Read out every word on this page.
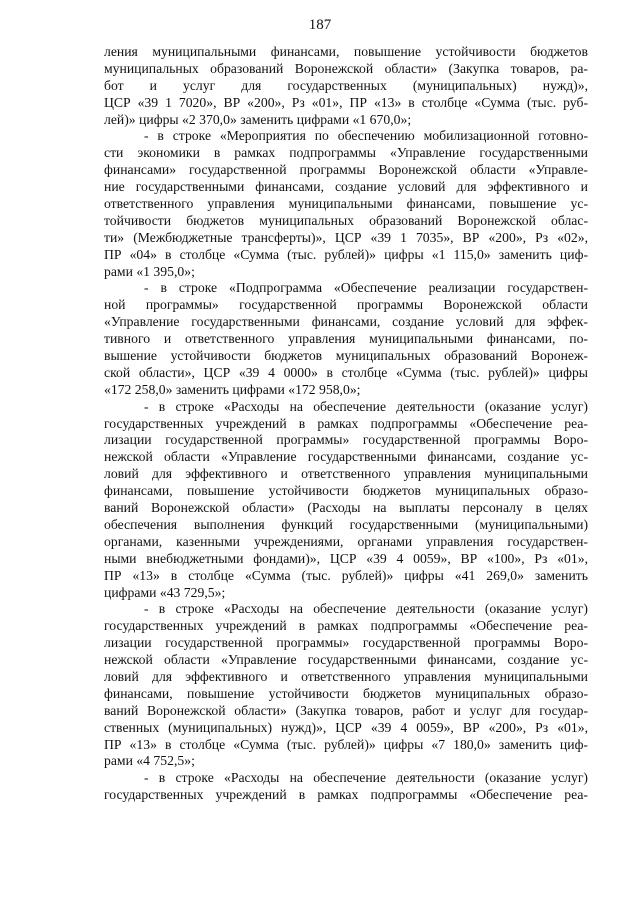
187
ления муниципальными финансами, повышение устойчивости бюджетов
муниципальных образований Воронежской области» (Закупка товаров, ра-
бот и услуг для государственных (муниципальных) нужд)»,
ЦСР «39 1 7020», ВР «200», Рз «01», ПР «13» в столбце «Сумма (тыс. руб-
лей)» цифры «2 370,0» заменить цифрами «1 670,0»;
- в строке «Мероприятия по обеспечению мобилизационной готовно-
сти экономики в рамках подпрограммы «Управление государственными
финансами» государственной программы Воронежской области «Управле-
ние государственными финансами, создание условий для эффективного и
ответственного управления муниципальными финансами, повышение ус-
тойчивости бюджетов муниципальных образований Воронежской облас-
ти» (Межбюджетные трансферты)», ЦСР «39 1 7035», ВР «200», Рз «02»,
ПР «04» в столбце «Сумма (тыс. рублей)» цифры «1 115,0» заменить циф-
рами «1 395,0»;
- в строке «Подпрограмма «Обеспечение реализации государствен-
ной программы» государственной программы Воронежской области
«Управление государственными финансами, создание условий для эффек-
тивного и ответственного управления муниципальными финансами, по-
вышение устойчивости бюджетов муниципальных образований Воронеж-
ской области», ЦСР «39 4 0000» в столбце «Сумма (тыс. рублей)» цифры
«172 258,0» заменить цифрами «172 958,0»;
- в строке «Расходы на обеспечение деятельности (оказание услуг)
государственных учреждений в рамках подпрограммы «Обеспечение реа-
лизации государственной программы» государственной программы Воро-
нежской области «Управление государственными финансами, создание ус-
ловий для эффективного и ответственного управления муниципальными
финансами, повышение устойчивости бюджетов муниципальных образо-
ваний Воронежской области» (Расходы на выплаты персоналу в целях
обеспечения выполнения функций государственными (муниципальными)
органами, казенными учреждениями, органами управления государствен-
ными внебюджетными фондами)», ЦСР «39 4 0059», ВР «100», Рз «01»,
ПР «13» в столбце «Сумма (тыс. рублей)» цифры «41 269,0» заменить
цифрами «43 729,5»;
- в строке «Расходы на обеспечение деятельности (оказание услуг)
государственных учреждений в рамках подпрограммы «Обеспечение реа-
лизации государственной программы» государственной программы Воро-
нежской области «Управление государственными финансами, создание ус-
ловий для эффективного и ответственного управления муниципальными
финансами, повышение устойчивости бюджетов муниципальных образо-
ваний Воронежской области» (Закупка товаров, работ и услуг для государ-
ственных (муниципальных) нужд)», ЦСР «39 4 0059», ВР «200», Рз «01»,
ПР «13» в столбце «Сумма (тыс. рублей)» цифры «7 180,0» заменить циф-
рами «4 752,5»;
- в строке «Расходы на обеспечение деятельности (оказание услуг)
государственных учреждений в рамках подпрограммы «Обеспечение реа-
